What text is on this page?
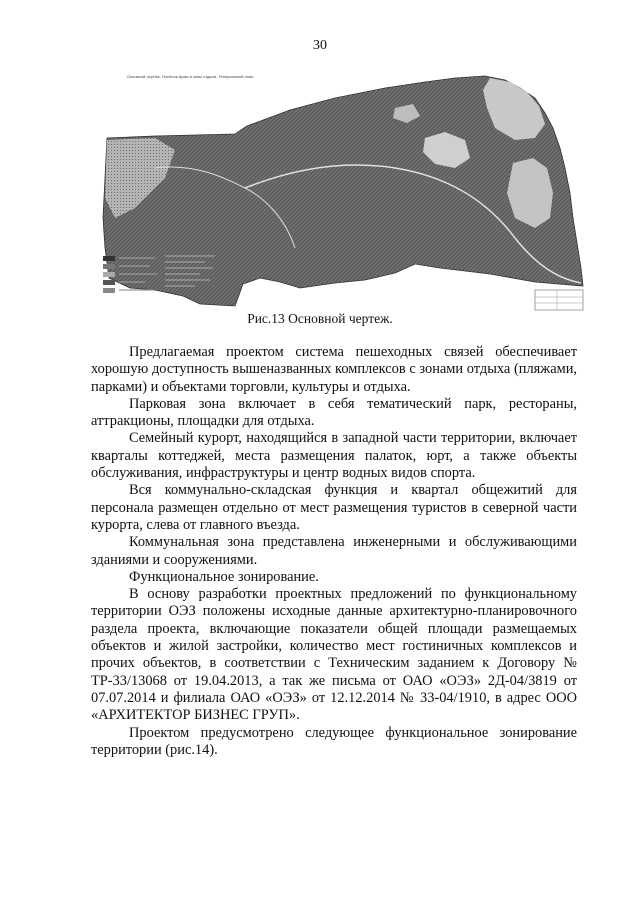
30
Основной чертёж. Посёлок Арма и зоны отдыха. Генеральный план
Рис.13 Основной чертеж.

Предлагаемая проектом система пешеходных связей обеспечивает хорошую доступность вышеназванных комплексов с зонами отдыха (пляжами, парками) и объектами торговли, культуры и отдыха.

Парковая зона включает в себя тематический парк, рестораны, аттракционы, площадки для отдыха.

Семейный курорт, находящийся в западной части территории, включает кварталы коттеджей, места размещения палаток, юрт, а также объекты обслуживания, инфраструктуры и центр водных видов спорта.

Вся коммунально-складская функция и квартал общежитий для персонала размещен отдельно от мест размещения туристов в северной части курорта, слева от главного въезда.

Коммунальная зона представлена инженерными и обслуживающими зданиями и сооружениями.

Функциональное зонирование.

В основу разработки проектных предложений по функциональному территории ОЭЗ положены исходные данные архитектурно-планировочного раздела проекта, включающие показатели общей площади размещаемых объектов и жилой застройки, количество мест гостиничных комплексов и прочих объектов, в соответствии с Техническим заданием к Договору № ТР-33/13068 от 19.04.2013, а так же письма от ОАО «ОЭЗ» 2Д-04/3819 от 07.07.2014 и филиала ОАО «ОЭЗ» от 12.12.2014 № 33-04/1910, в адрес ООО «АРХИТЕКТОР БИЗНЕС ГРУП».

Проектом предусмотрено следующее функциональное зонирование территории (рис.14).
